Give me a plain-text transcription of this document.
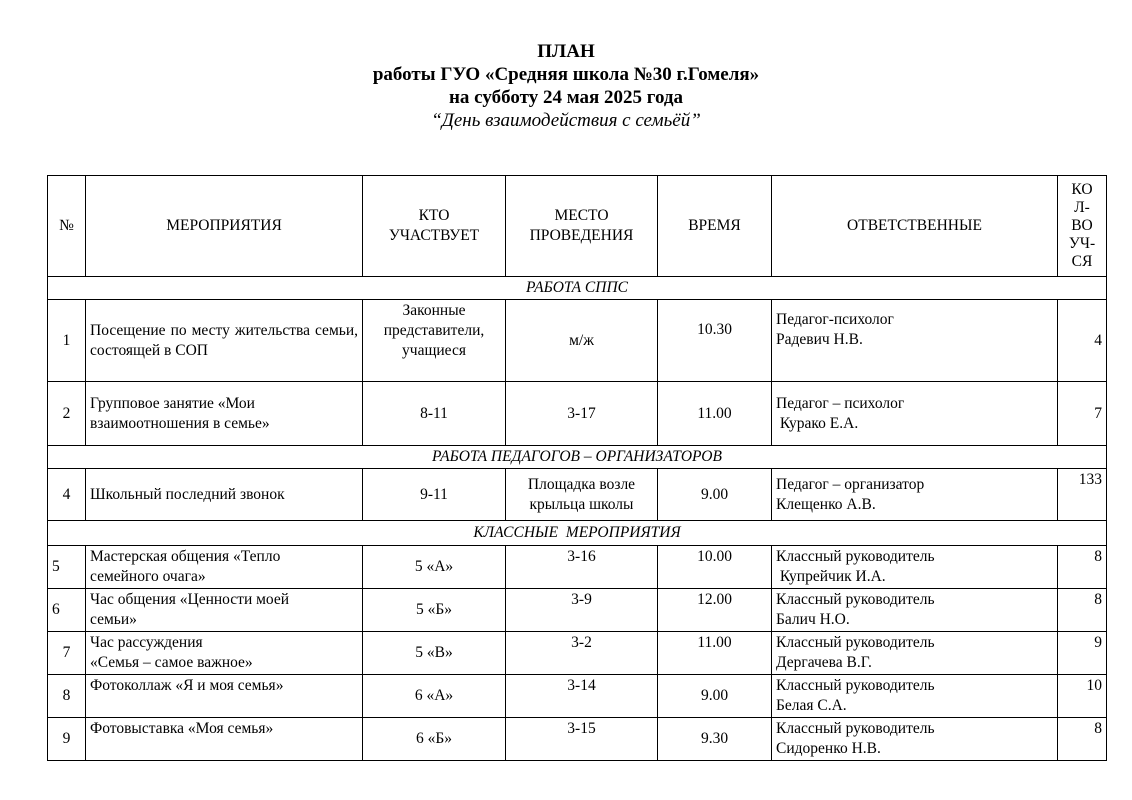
ПЛАН
работы ГУО «Средняя школа №30 г.Гомеля»
на субботу 24 мая 2025 года
“День взаимодействия с семьёй”
№	МЕРОПРИЯТИЯ	КТО
УЧАСТВУЕТ	МЕСТО
ПРОВЕДЕНИЯ	ВРЕМЯ	ОТВЕТСТВЕННЫЕ	КО
Л-
ВО
УЧ-
СЯ

РАБОТА СППС						
1	Посещение по месту жительства семьи, состоящей в СОП	Законные
представители,
учащиеся	м/ж	10.30	Педагог-психолог
Радевич Н.В.	4
2	Групповое занятие «Мои
взаимоотношения в семье»	8-11	3-17	11.00	Педагог – психолог
Курако Е.А.	7
РАБОТА ПЕДАГОГОВ – ОРГАНИЗАТОРОВ						
4	Школьный последний звонок	9-11	Площадка возле
крыльца школы	9.00	Педагог – организатор
Клещенко А.В.	133
КЛАССНЫЕ  МЕРОПРИЯТИЯ						
5	Мастерская общения «Тепло
семейного очага»	5 «А»	3-16	10.00	Классный руководитель
Купрейчик И.А.	8
6	Час общения «Ценности моей
семьи»	5 «Б»	3-9	12.00	Классный руководитель
Балич Н.О.	8
7	Час рассуждения
«Семья – самое важное»	5 «В»	3-2	11.00	Классный руководитель
Дергачева В.Г.	9
8	Фотоколлаж «Я и моя семья»	6 «А»	3-14	9.00	Классный руководитель
Белая С.А.	10
9	Фотовыставка «Моя семья»	6 «Б»	3-15	9.30	Классный руководитель
Сидоренко Н.В.	8
